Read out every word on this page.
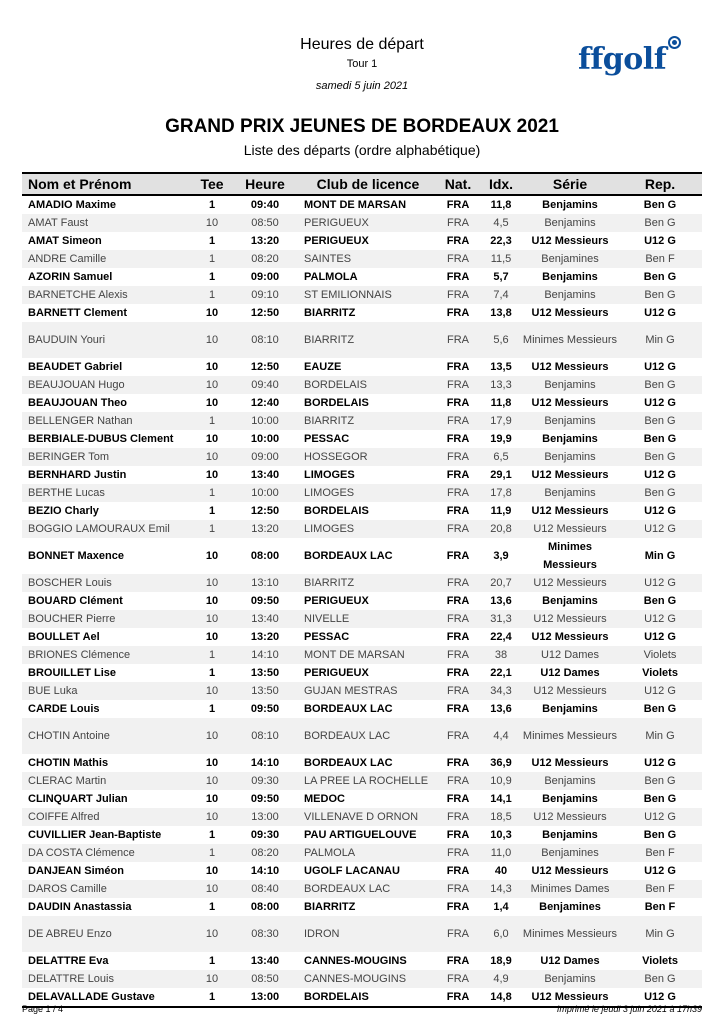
Heures de départ
Tour 1
samedi 5 juin 2021
ffgolf
GRAND PRIX JEUNES DE BORDEAUX 2021
Liste des départs (ordre alphabétique)
Nom et Prénom	Tee	Heure	Club de licence	Nat.	Idx.	Série	Rep.
AMADIO Maxime	1	09:40	MONT DE MARSAN	FRA	11,8	Benjamins	Ben G
AMAT Faust	10	08:50	PERIGUEUX	FRA	4,5	Benjamins	Ben G
AMAT Simeon	1	13:20	PERIGUEUX	FRA	22,3	U12 Messieurs	U12 G
ANDRE Camille	1	08:20	SAINTES	FRA	11,5	Benjamines	Ben F
AZORIN Samuel	1	09:00	PALMOLA	FRA	5,7	Benjamins	Ben G
BARNETCHE Alexis	1	09:10	ST EMILIONNAIS	FRA	7,4	Benjamins	Ben G
BARNETT Clement	10	12:50	BIARRITZ	FRA	13,8	U12 Messieurs	U12 G
BAUDUIN Youri	10	08:10	BIARRITZ	FRA	5,6	Minimes Messieurs	Min G
BEAUDET Gabriel	10	12:50	EAUZE	FRA	13,5	U12 Messieurs	U12 G
BEAUJOUAN Hugo	10	09:40	BORDELAIS	FRA	13,3	Benjamins	Ben G
BEAUJOUAN Theo	10	12:40	BORDELAIS	FRA	11,8	U12 Messieurs	U12 G
BELLENGER Nathan	1	10:00	BIARRITZ	FRA	17,9	Benjamins	Ben G
BERBIALE-DUBUS Clement	10	10:00	PESSAC	FRA	19,9	Benjamins	Ben G
BERINGER Tom	10	09:00	HOSSEGOR	FRA	6,5	Benjamins	Ben G
BERNHARD Justin	10	13:40	LIMOGES	FRA	29,1	U12 Messieurs	U12 G
BERTHE Lucas	1	10:00	LIMOGES	FRA	17,8	Benjamins	Ben G
BEZIO Charly	1	12:50	BORDELAIS	FRA	11,9	U12 Messieurs	U12 G
BOGGIO LAMOURAUX Emil	1	13:20	LIMOGES	FRA	20,8	U12 Messieurs	U12 G
BONNET Maxence	10	08:00	BORDEAUX LAC	FRA	3,9	Minimes Messieurs	Min G
BOSCHER Louis	10	13:10	BIARRITZ	FRA	20,7	U12 Messieurs	U12 G
BOUARD Clément	10	09:50	PERIGUEUX	FRA	13,6	Benjamins	Ben G
BOUCHER Pierre	10	13:40	NIVELLE	FRA	31,3	U12 Messieurs	U12 G
BOULLET Ael	10	13:20	PESSAC	FRA	22,4	U12 Messieurs	U12 G
BRIONES Clémence	1	14:10	MONT DE MARSAN	FRA	38	U12 Dames	Violets
BROUILLET Lise	1	13:50	PERIGUEUX	FRA	22,1	U12 Dames	Violets
BUE Luka	10	13:50	GUJAN MESTRAS	FRA	34,3	U12 Messieurs	U12 G
CARDE Louis	1	09:50	BORDEAUX LAC	FRA	13,6	Benjamins	Ben G
CHOTIN Antoine	10	08:10	BORDEAUX LAC	FRA	4,4	Minimes Messieurs	Min G
CHOTIN Mathis	10	14:10	BORDEAUX LAC	FRA	36,9	U12 Messieurs	U12 G
CLERAC Martin	10	09:30	LA PREE LA ROCHELLE	FRA	10,9	Benjamins	Ben G
CLINQUART Julian	10	09:50	MEDOC	FRA	14,1	Benjamins	Ben G
COIFFE Alfred	10	13:00	VILLENAVE D ORNON	FRA	18,5	U12 Messieurs	U12 G
CUVILLIER Jean-Baptiste	1	09:30	PAU ARTIGUELOUVE	FRA	10,3	Benjamins	Ben G
DA COSTA Clémence	1	08:20	PALMOLA	FRA	11,0	Benjamines	Ben F
DANJEAN Siméon	10	14:10	UGOLF LACANAU	FRA	40	U12 Messieurs	U12 G
DAROS Camille	10	08:40	BORDEAUX LAC	FRA	14,3	Minimes Dames	Ben F
DAUDIN Anastassia	1	08:00	BIARRITZ	FRA	1,4	Benjamines	Ben F
DE ABREU Enzo	10	08:30	IDRON	FRA	6,0	Minimes Messieurs	Min G
DELATTRE Eva	1	13:40	CANNES-MOUGINS	FRA	18,9	U12 Dames	Violets
DELATTRE Louis	10	08:50	CANNES-MOUGINS	FRA	4,9	Benjamins	Ben G
DELAVALLADE Gustave	1	13:00	BORDELAIS	FRA	14,8	U12 Messieurs	U12 G
Page 1 / 4	Imprimé le jeudi 3 juin 2021 à 17h39
